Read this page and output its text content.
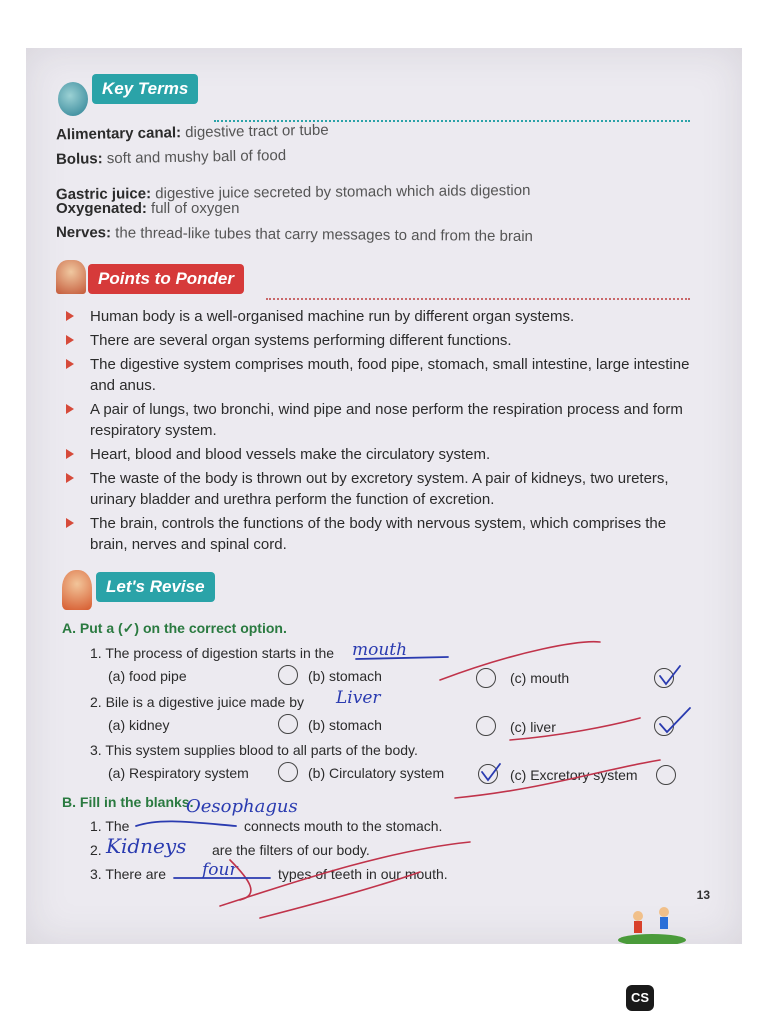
Key Terms
Alimentary canal: digestive tract or tube
Bolus: soft and mushy ball of food
Gastric juice: digestive juice secreted by stomach which aids digestion
Oxygenated: full of oxygen
Nerves: the thread-like tubes that carry messages to and from the brain
Points to Ponder
Human body is a well-organised machine run by different organ systems.
There are several organ systems performing different functions.
The digestive system comprises mouth, food pipe, stomach, small intestine, large intestine and anus.
A pair of lungs, two bronchi, wind pipe and nose perform the respiration process and form respiratory system.
Heart, blood and blood vessels make the circulatory system.
The waste of the body is thrown out by excretory system. A pair of kidneys, two ureters, urinary bladder and urethra perform the function of excretion.
The brain, controls the functions of the body with nervous system, which comprises the brain, nerves and spinal cord.
Let's Revise
A. Put a (✓) on the correct option.
1. The process of digestion starts in the mouth
(a) food pipe	(b) stomach	(c) mouth
2. Bile is a digestive juice made by Liver
(a) kidney	(b) stomach	(c) liver
3. This system supplies blood to all parts of the body.
(a) Respiratory system	(b) Circulatory system	(c) Excretory system
B. Fill in the blanks.
Oesophagus
1. The	connects mouth to the stomach.
2. Kidneys are the filters of our body.
3. There are four	types of teeth in our mouth.
13
CS
